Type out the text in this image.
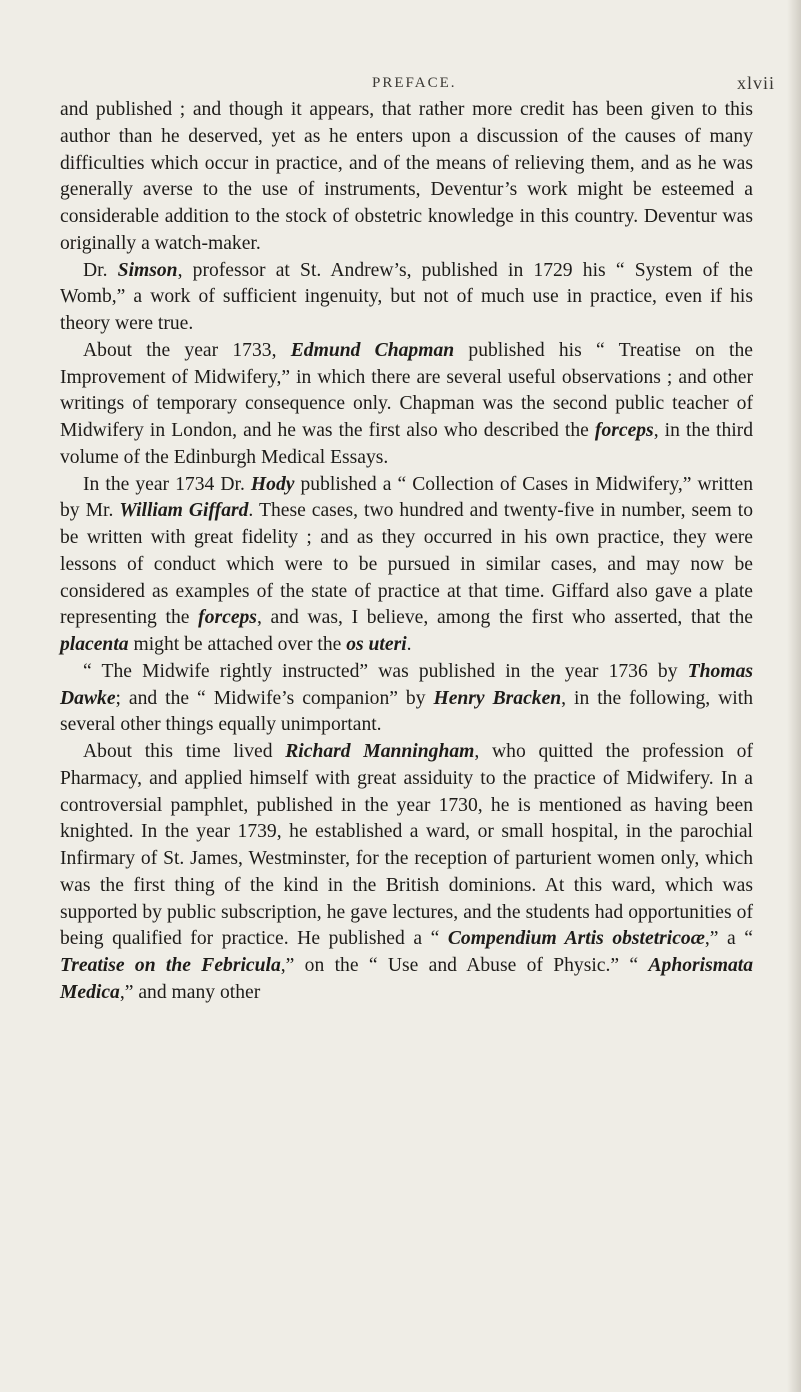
PREFACE.	xlvii

and published ; and though it appears, that rather more credit has been given to this author than he deserved, yet as he enters upon a discussion of the causes of many difficulties which occur in practice, and of the means of relieving them, and as he was generally averse to the use of instruments, Deventur’s work might be esteemed a considerable addition to the stock of obstetric knowledge in this country. Deventur was originally a watch-maker.

Dr. Simson, professor at St. Andrew’s, published in 1729 his “ System of the Womb,” a work of sufficient ingenuity, but not of much use in practice, even if his theory were true.

About the year 1733, Edmund Chapman published his “ Treatise on the Improvement of Midwifery,” in which there are several useful observations ; and other writings of temporary consequence only. Chapman was the second public teacher of Midwifery in London, and he was the first also who described the forceps, in the third volume of the Edinburgh Medical Essays.

In the year 1734 Dr. Hody published a “ Collection of Cases in Midwifery,” written by Mr. William Giffard. These cases, two hundred and twenty-five in number, seem to be written with great fidelity ; and as they occurred in his own practice, they were lessons of conduct which were to be pursued in similar cases, and may now be considered as examples of the state of practice at that time. Giffard also gave a plate representing the forceps, and was, I believe, among the first who asserted, that the placenta might be attached over the os uteri.

“ The Midwife rightly instructed” was published in the year 1736 by Thomas Dawke; and the “ Midwife’s companion” by Henry Bracken, in the following, with several other things equally unimportant.

About this time lived Richard Manningham, who quitted the profession of Pharmacy, and applied himself with great assiduity to the practice of Midwifery. In a controversial pamphlet, published in the year 1730, he is mentioned as having been knighted. In the year 1739, he established a ward, or small hospital, in the parochial Infirmary of St. James, Westminster, for the reception of parturient women only, which was the first thing of the kind in the British dominions. At this ward, which was supported by public subscription, he gave lectures, and the students had opportunities of being qualified for practice. He published a “ Compendium Artis obstetricoæ,” a “ Treatise on the Febricula,” on the “ Use and Abuse of Physic.” “ Aphorismata Medica,” and many other
